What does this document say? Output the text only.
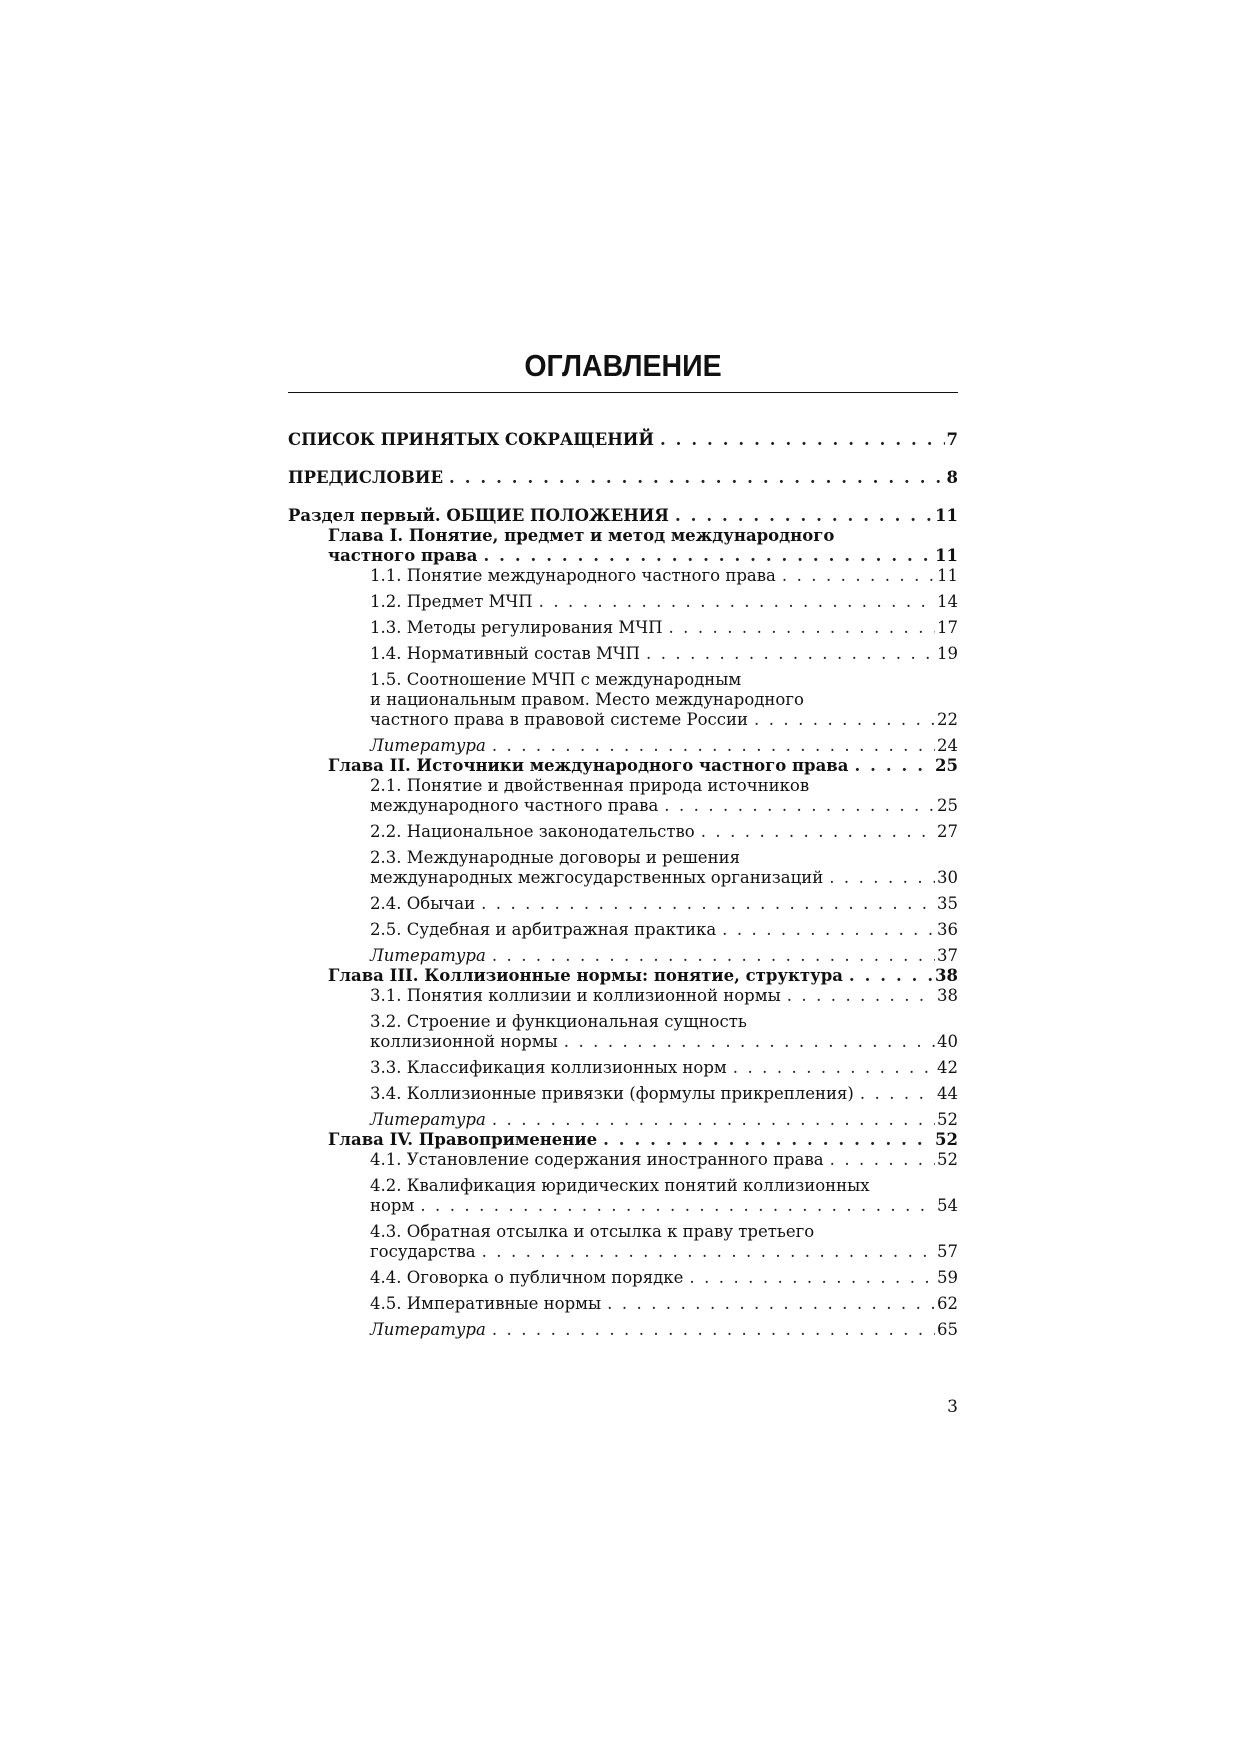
ОГЛАВЛЕНИЕ
СПИСОК ПРИНЯТЫХ СОКРАЩЕНИЙ . . .	7
ПРЕДИСЛОВИЕ . . .	8
Раздел первый. ОБЩИЕ ПОЛОЖЕНИЯ . . .	11
Глава I. Понятие, предмет и метод международного
частного права . . .	11
1.1. Понятие международного частного права . . .	11
1.2. Предмет МЧП . . .	14
1.3. Методы регулирования МЧП . . .	17
1.4. Нормативный состав МЧП . . .	19
1.5. Соотношение МЧП с международным
и национальным правом. Место международного
частного права в правовой системе России . . .	22
Литература . . .	24
Глава II. Источники международного частного права . . .	25
2.1. Понятие и двойственная природа источников
международного частного права . . .	25
2.2. Национальное законодательство . . .	27
2.3. Международные договоры и решения
международных межгосударственных организаций . . .	30
2.4. Обычаи . . .	35
2.5. Судебная и арбитражная практика . . .	36
Литература . . .	37
Глава III. Коллизионные нормы: понятие, структура . . .	38
3.1. Понятия коллизии и коллизионной нормы . . .	38
3.2. Строение и функциональная сущность
коллизионной нормы . . .	40
3.3. Классификация коллизионных норм . . .	42
3.4. Коллизионные привязки (формулы прикрепления) . . .	44
Литература . . .	52
Глава IV. Правоприменение . . .	52
4.1. Установление содержания иностранного права . . .	52
4.2. Квалификация юридических понятий коллизионных
норм . . .	54
4.3. Обратная отсылка и отсылка к праву третьего
государства . . .	57
4.4. Оговорка о публичном порядке . . .	59
4.5. Императивные нормы . . .	62
Литература . . .	65
3
